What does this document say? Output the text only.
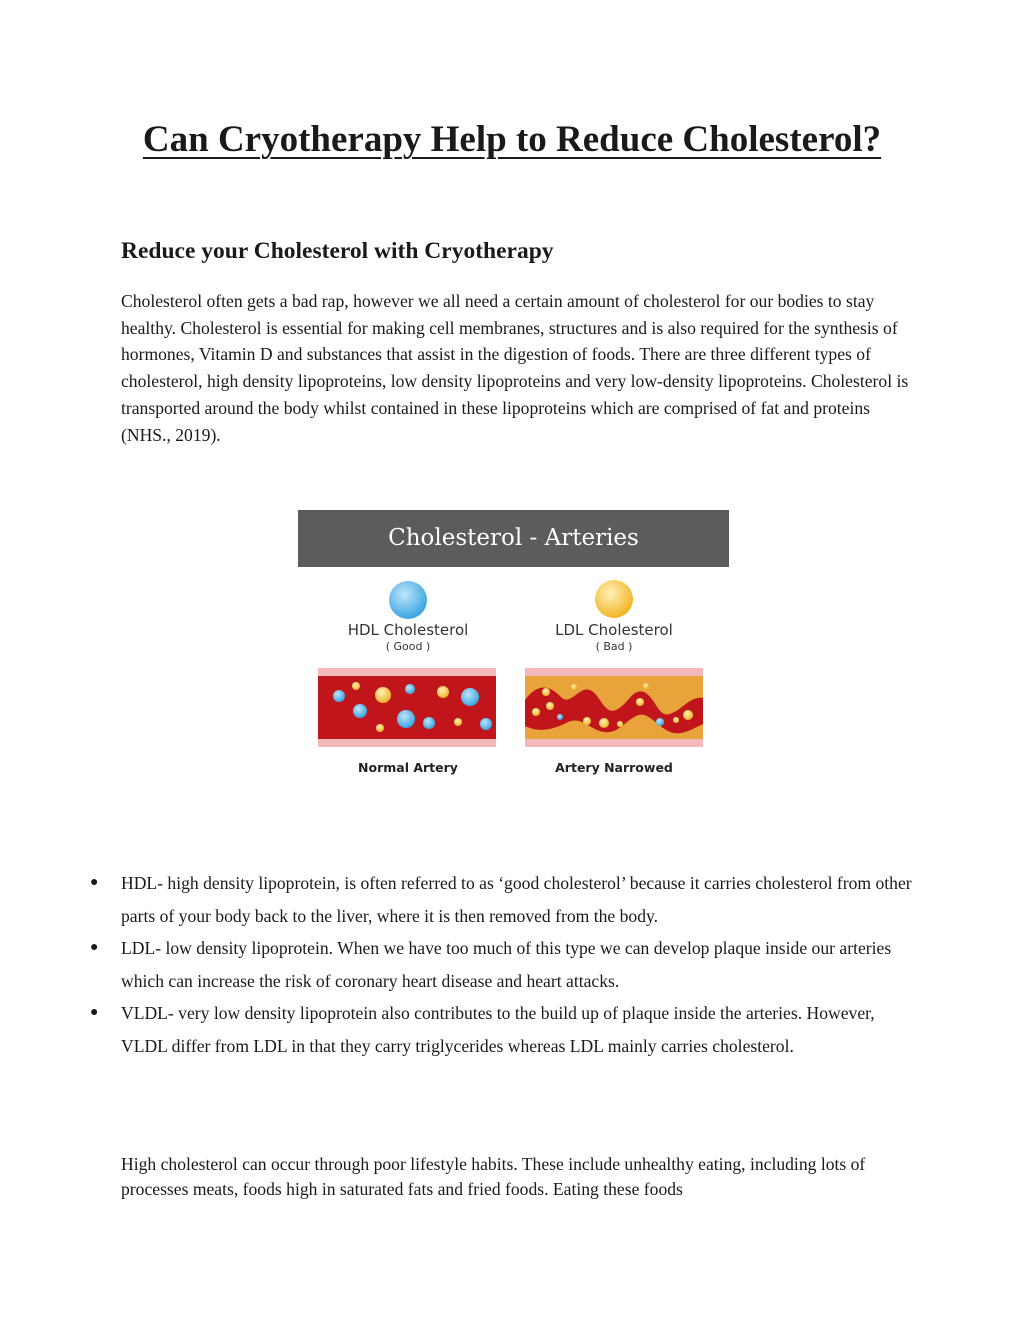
Can Cryotherapy Help to Reduce Cholesterol?
Reduce your Cholesterol with Cryotherapy

Cholesterol often gets a bad rap, however we all need a certain amount of cholesterol for our bodies to stay healthy. Cholesterol is essential for making cell membranes, structures and is also required for the synthesis of hormones, Vitamin D and substances that assist in the digestion of foods. There are three different types of cholesterol, high density lipoproteins, low density lipoproteins and very low-density lipoproteins. Cholesterol is transported around the body whilst contained in these lipoproteins which are comprised of fat and proteins (NHS., 2019).

Cholesterol - Arteries
HDL Cholesterol
( Good )
LDL Cholesterol
( Bad )
Normal Artery	Artery Narrowed
● HDL- high density lipoprotein, is often referred to as ‘good cholesterol’ because it carries cholesterol from other parts of your body back to the liver, where it is then removed from the body.
● LDL- low density lipoprotein. When we have too much of this type we can develop plaque inside our arteries which can increase the risk of coronary heart disease and heart attacks.
● VLDL- very low density lipoprotein also contributes to the build up of plaque inside the arteries. However, VLDL differ from LDL in that they carry triglycerides whereas LDL mainly carries cholesterol.

High cholesterol can occur through poor lifestyle habits. These include unhealthy eating, including lots of processes meats, foods high in saturated fats and fried foods. Eating these foods
